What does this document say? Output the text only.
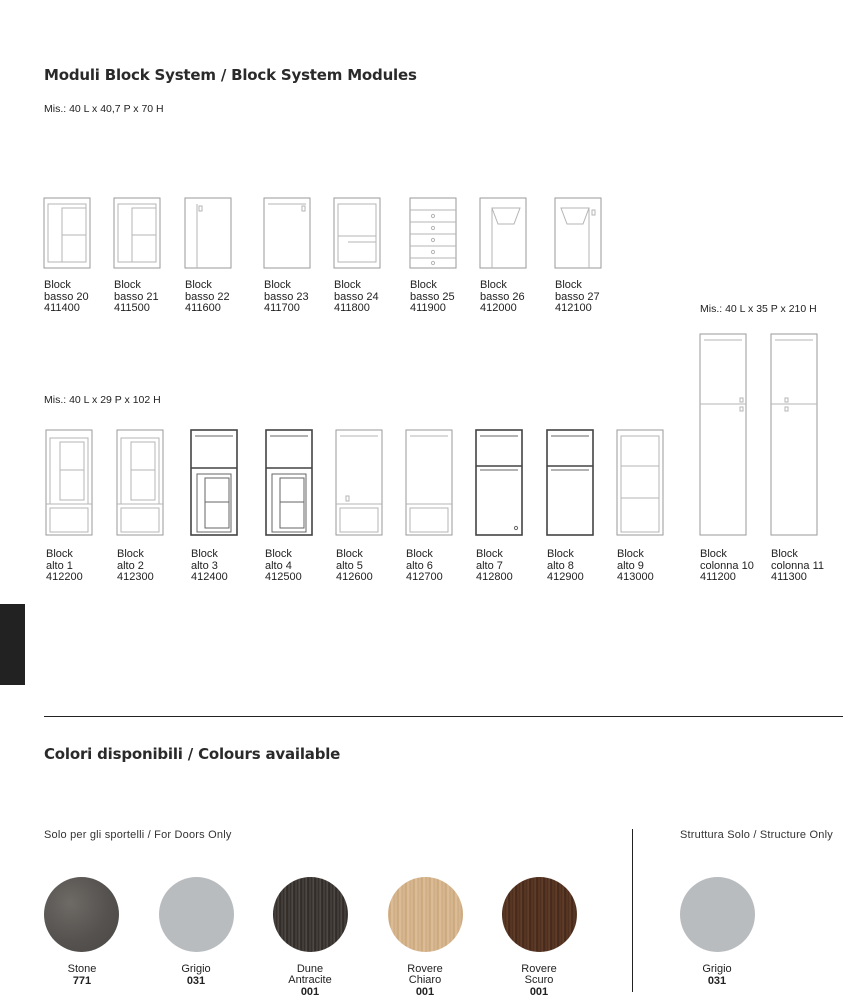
Moduli Block System / Block System Modules
Mis.: 40 L x 40,7 P x 70 H
Block
basso 20
411400
Block
basso 21
411500
Block
basso 22
411600
Block
basso 23
411700
Block
basso 24
411800
Block
basso 25
411900
Block
basso 26
412000
Block
basso 27
412100	Mis.: 40 L x 35 P x 210 H
Mis.: 40 L x 29 P x 102 H
Block
alto 1
412200
Block
alto 2
412300
Block
alto 3
412400
Block
alto 4
412500
Block
alto 5
412600
Block
alto 6
412700
Block
alto 7
412800
Block
alto 8
412900
Block
alto 9
413000
Block
colonna 10
411200
Block
colonna 11
411300
Colori disponibili / Colours available
Solo per gli sportelli / For Doors Only	Struttura Solo / Structure Only
Stone
771
Grigio
031
Dune
Antracite
001
Rovere
Chiaro
001
Rovere
Scuro
001
Grigio
031
